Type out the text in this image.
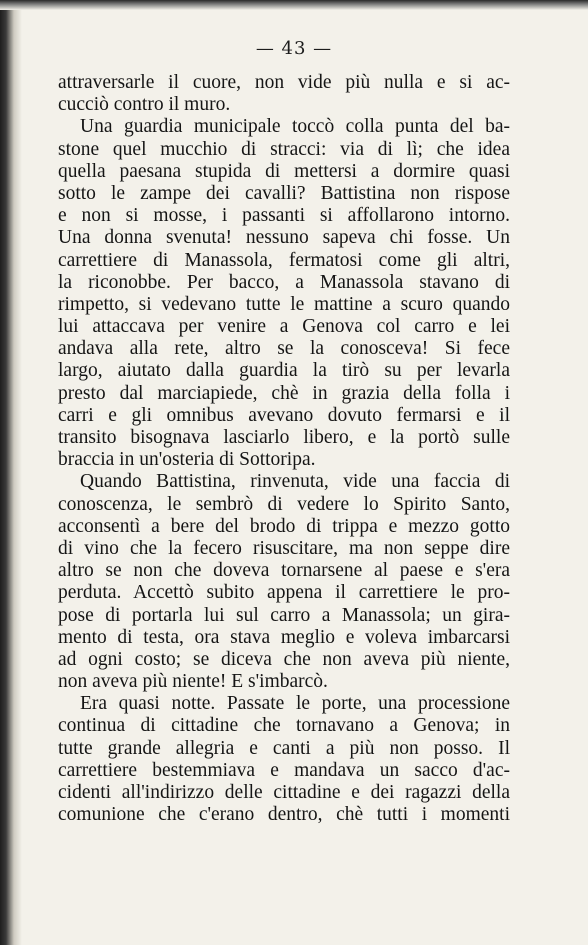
— 43 —
attraversarle il cuore, non vide più nulla e si ac-
cucciò contro il muro.
Una guardia municipale toccò colla punta del ba-
stone quel mucchio di stracci: via di lì; che idea
quella paesana stupida di mettersi a dormire quasi
sotto le zampe dei cavalli? Battistina non rispose
e non si mosse, i passanti si affollarono intorno.
Una donna svenuta! nessuno sapeva chi fosse. Un
carrettiere di Manassola, fermatosi come gli altri,
la riconobbe. Per bacco, a Manassola stavano di
rimpetto, si vedevano tutte le mattine a scuro quando
lui attaccava per venire a Genova col carro e lei
andava alla rete, altro se la conosceva! Si fece
largo, aiutato dalla guardia la tirò su per levarla
presto dal marciapiede, chè in grazia della folla i
carri e gli omnibus avevano dovuto fermarsi e il
transito bisognava lasciarlo libero, e la portò sulle
braccia in un'osteria di Sottoripa.
Quando Battistina, rinvenuta, vide una faccia di
conoscenza, le sembrò di vedere lo Spirito Santo,
acconsentì a bere del brodo di trippa e mezzo gotto
di vino che la fecero risuscitare, ma non seppe dire
altro se non che doveva tornarsene al paese e s'era
perduta. Accettò subito appena il carrettiere le pro-
pose di portarla lui sul carro a Manassola; un gira-
mento di testa, ora stava meglio e voleva imbarcarsi
ad ogni costo; se diceva che non aveva più niente,
non aveva più niente! E s'imbarcò.
Era quasi notte. Passate le porte, una processione
continua di cittadine che tornavano a Genova; in
tutte grande allegria e canti a più non posso. Il
carrettiere bestemmiava e mandava un sacco d'ac-
cidenti all'indirizzo delle cittadine e dei ragazzi della
comunione che c'erano dentro, chè tutti i momenti
